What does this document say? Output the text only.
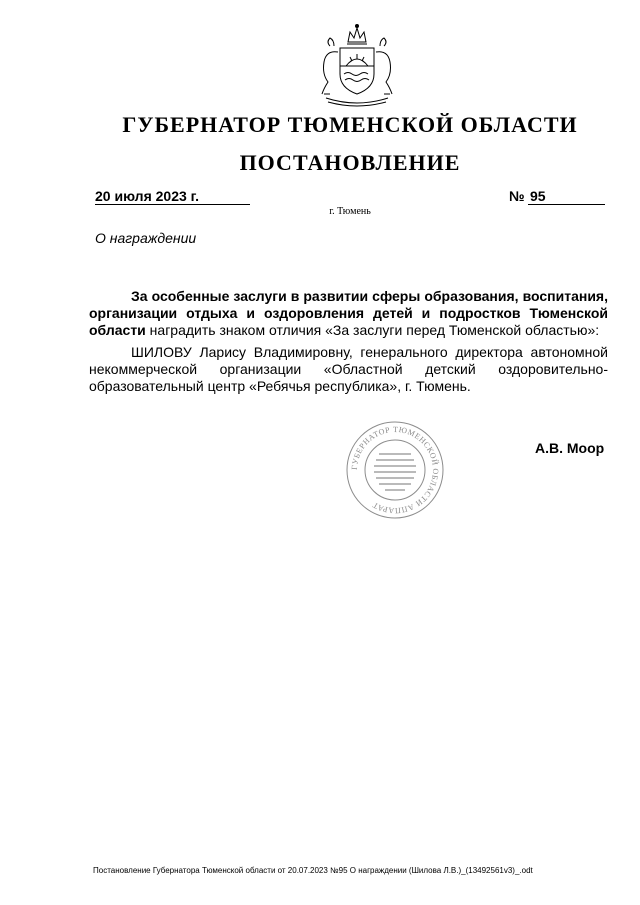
ГУБЕРНАТОР ТЮМЕНСКОЙ ОБЛАСТИ
ПОСТАНОВЛЕНИЕ
20 июля 2023 г.	№ 95
г. Тюмень
О награждении

За особенные заслуги в развитии сферы образования, воспитания, организации отдыха и оздоровления детей и подростков Тюменской области наградить знаком отличия «За заслуги перед Тюменской областью»:

ШИЛОВУ Ларису Владимировну, генерального директора автономной некоммерческой организации «Областной детский оздоровительно-образовательный центр «Ребячья республика», г. Тюмень.

ГУБЕРНАТОР ТЮМЕНСКОЙ ОБЛАСТИ АППАРАТ
А.В. Моор
Постановление Губернатора Тюменской области от 20.07.2023 №95 О награждении (Шилова Л.В.)_(13492561v3)_.odt
